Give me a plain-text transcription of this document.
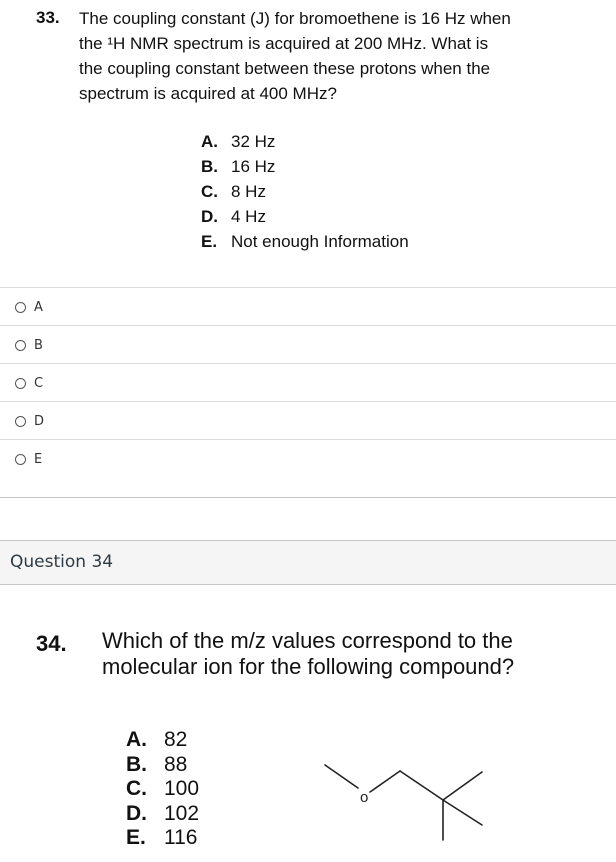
33. The coupling constant (J) for bromoethene is 16 Hz when
the ¹H NMR spectrum is acquired at 200 MHz. What is
the coupling constant between these protons when the
spectrum is acquired at 400 MHz?
A. 32 Hz
B. 16 Hz
C. 8 Hz
D. 4 Hz
E. Not enough Information
A
B
C
D
E
Question 34
34. Which of the m/z values correspond to the
molecular ion for the following compound?
A. 82
B. 88
C. 100
D. 102
E. 116
o
